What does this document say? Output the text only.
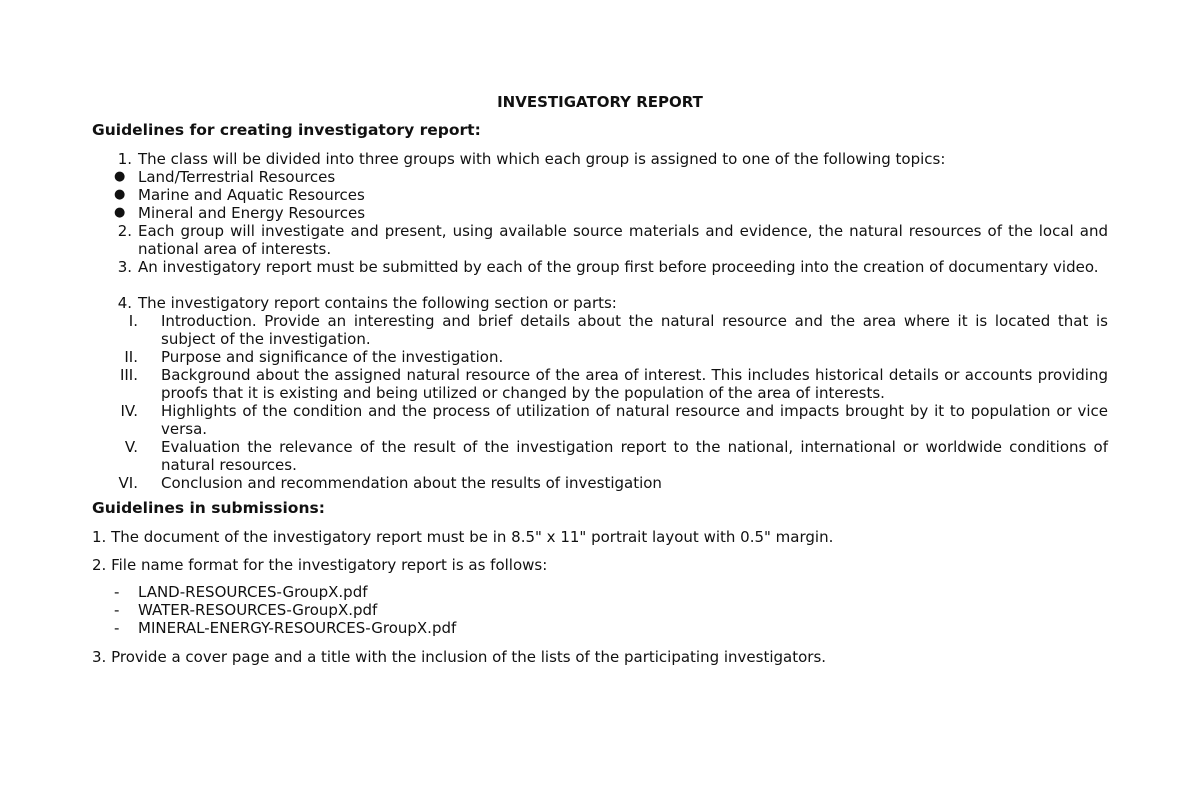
INVESTIGATORY REPORT
Guidelines for creating investigatory report:
1. The class will be divided into three groups with which each group is assigned to one of the following topics:
● Land/Terrestrial Resources
● Marine and Aquatic Resources
● Mineral and Energy Resources
2. Each group will investigate and present, using available source materials and evidence, the natural resources of the local and national area of interests.
3. An investigatory report must be submitted by each of the group first before proceeding into the creation of documentary video.
4. The investigatory report contains the following section or parts:
I. Introduction. Provide an interesting and brief details about the natural resource and the area where it is located that is subject of the investigation.
II. Purpose and significance of the investigation.
III. Background about the assigned natural resource of the area of interest. This includes historical details or accounts providing proofs that it is existing and being utilized or changed by the population of the area of interests.
IV. Highlights of the condition and the process of utilization of natural resource and impacts brought by it to population or vice versa.
V. Evaluation the relevance of the result of the investigation report to the national, international or worldwide conditions of natural resources.
VI. Conclusion and recommendation about the results of investigation
Guidelines in submissions:
1. The document of the investigatory report must be in 8.5" x 11" portrait layout with 0.5" margin.
2. File name format for the investigatory report is as follows:
-	LAND-RESOURCES-GroupX.pdf
-	WATER-RESOURCES-GroupX.pdf
-	MINERAL-ENERGY-RESOURCES-GroupX.pdf
3. Provide a cover page and a title with the inclusion of the lists of the participating investigators.
